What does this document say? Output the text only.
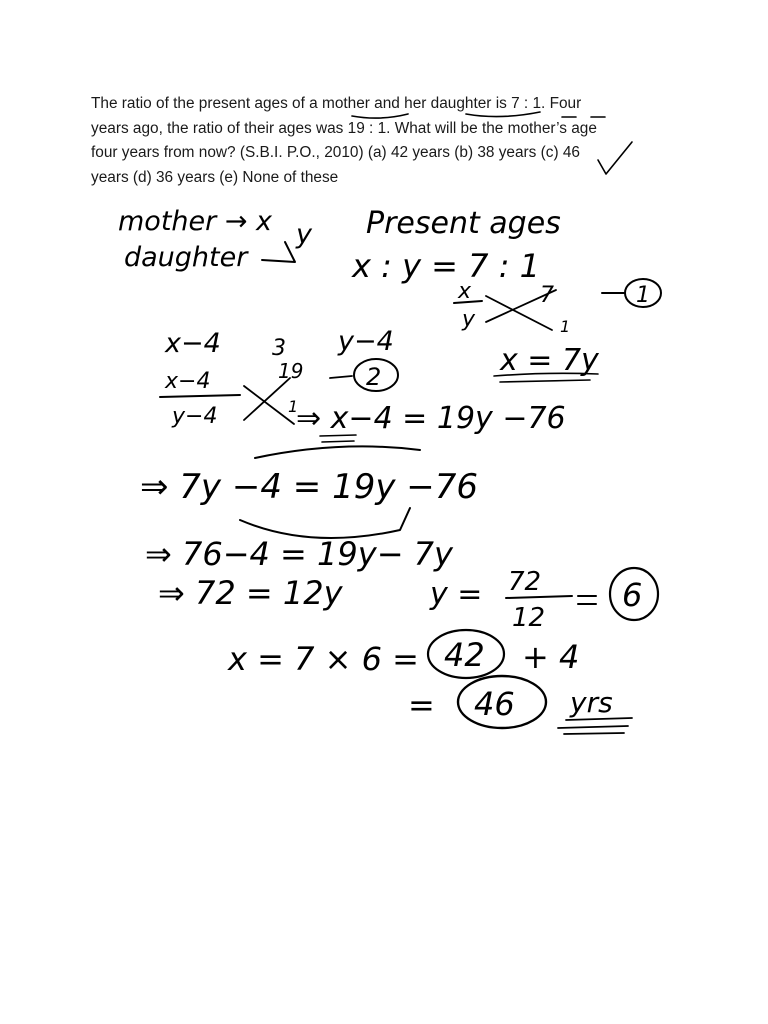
The ratio of the present ages of a mother and her daughter is 7 : 1. Four
years ago, the ratio of their ages was 19 : 1. What will be the mother’s age
four years from now? (S.B.I. P.O., 2010) (a) 42 years (b) 38 years (c) 46
years (d) 36 years (e) None of these
mother → x y
daughter
Present ages
x : y = 7 : 1
x
y
7
1
1
x = 7y
x−4 3 y−4
2
x−4
y−4
19
1
⇒ x−4 = 19y −76
⇒ 7y −4 = 19y −76
⇒ 76−4 = 19y− 7y
⇒ 72 = 12y	y = 72
12
6
x = 7 × 6 = 42 + 4
= 46 yrs
